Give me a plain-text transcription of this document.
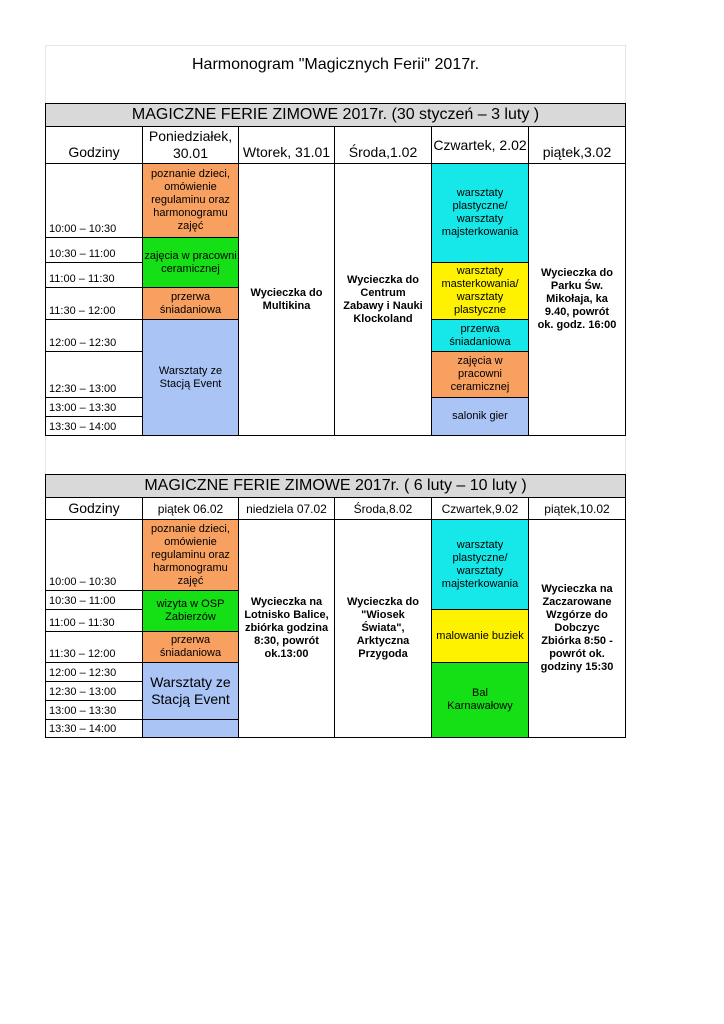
Harmonogram "Magicznych Ferii" 2017r.
MAGICZNE FERIE ZIMOWE 2017r. (30 styczeń – 3 luty )
Godziny
Poniedziałek, 30.01	Wtorek, 31.01 Środa,1.02 Czwartek, 2.02 piątek,3.02
10:00 – 10:30
10:30 – 11:00
11:00 – 11:30
11:30 – 12:00
12:00 – 12:30
12:30 – 13:00
13:00 – 13:30
13:30 – 14:00
poznanie dzieci, omówienie regulaminu oraz harmonogramu zajęć
zajęcia w pracowni ceramicznej
przerwa śniadaniowa
Warsztaty ze Stacją Event
Wycieczka do Multikina
Wycieczka do Centrum Zabawy i Nauki Klockoland
warsztaty plastyczne/ warsztaty majsterkowania
warsztaty masterkowania/ warsztaty plastyczne
przerwa śniadaniowa
zajęcia w pracowni ceramicznej
salonik gier
Wycieczka do Parku Św. Mikołaja, ka 9.40, powrót ok. godz. 16:00
MAGICZNE FERIE ZIMOWE 2017r. ( 6 luty – 10 luty )
Godziny	piątek 06.02 niedziela 07.02 Środa,8.02 Czwartek,9.02 piątek,10.02
10:00 – 10:30
10:30 – 11:00
11:00 – 11:30
11:30 – 12:00
12:00 – 12:30
12:30 – 13:00
13:00 – 13:30
13:30 – 14:00
poznanie dzieci, omówienie regulaminu oraz harmonogramu zajęć
wizyta w OSP Zabierzów
przerwa śniadaniowa
Warsztaty ze Stacją Event
Wycieczka na Lotnisko Balice, zbiórka godzina 8:30, powrót ok.13:00
Wycieczka do "Wiosek Świata", Arktyczna Przygoda
warsztaty plastyczne/ warsztaty majsterkowania
malowanie buziek
Bal Karnawałowy
Wycieczka na Zaczarowane Wzgórze do Dobczyc Zbiórka 8:50 - powrót ok. godziny 15:30
